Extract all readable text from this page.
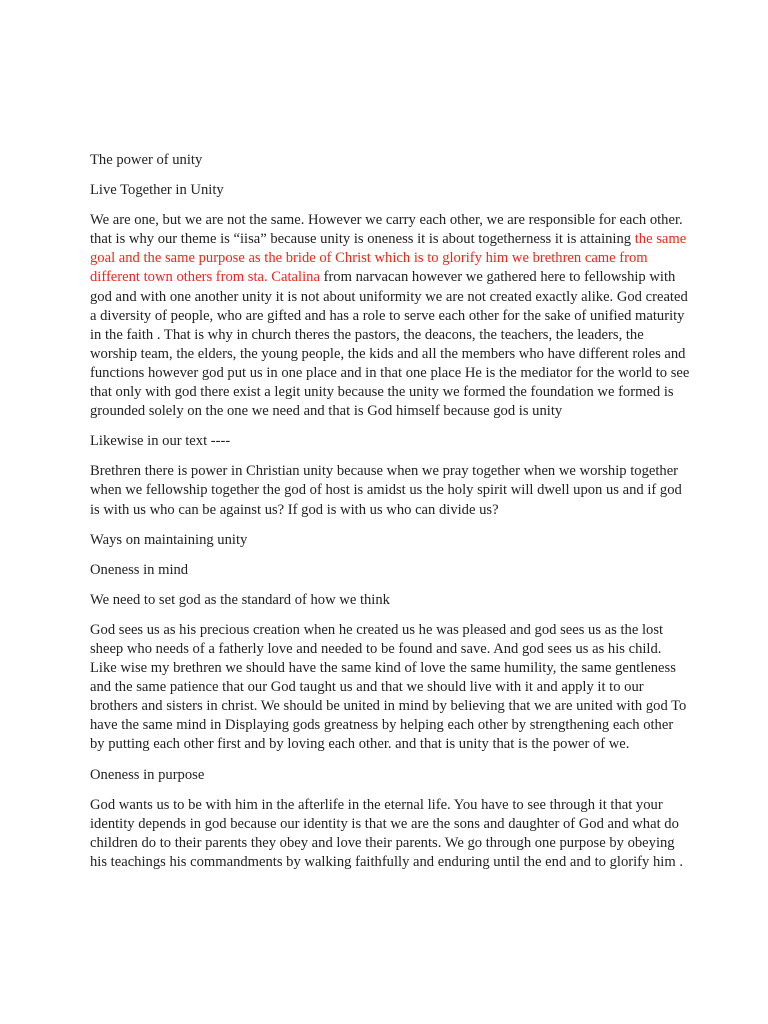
The power of unity

Live Together in Unity

We are one, but we are not the same. However we carry each other, we are responsible for each other. that is why our theme is “iisa” because unity is oneness it is about togetherness it is attaining the same goal and the same purpose as the bride of Christ which is to glorify him we brethren came from different town others from sta. Catalina from narvacan however we gathered here to fellowship with god and with one another unity it is not about uniformity we are not created exactly alike. God created a diversity of people, who are gifted and has a role to serve each other for the sake of unified maturity in the faith . That is why in church theres the pastors, the deacons, the teachers, the leaders, the worship team, the elders, the young people, the kids and all the members who have different roles and functions however god put us in one place and in that one place He is the mediator for the world to see that only with god there exist a legit unity because the unity we formed the foundation we formed is grounded solely on the one we need and that is God himself because god is unity

Likewise in our text ----

Brethren there is power in Christian unity because when we pray together when we worship together when we fellowship together the god of host is amidst us the holy spirit will dwell upon us and if god is with us who can be against us? If god is with us who can divide us?

Ways on maintaining unity

Oneness in mind

We need to set god as the standard of how we think

God sees us as his precious creation when he created us he was pleased and god sees us as the lost sheep who needs of a fatherly love and needed to be found and save. And god sees us as his child. Like wise my brethren we should have the same kind of love the same humility, the same gentleness and the same patience that our God taught us and that we should live with it and apply it to our brothers and sisters in christ. We should be united in mind by believing that we are united with god To have the same mind in Displaying gods greatness by helping each other by strengthening each other by putting each other first and by loving each other. and that is unity that is the power of we.

Oneness in purpose

God wants us to be with him in the afterlife in the eternal life. You have to see through it that your identity depends in god because our identity is that we are the sons and daughter of God and what do children do to their parents they obey and love their parents. We go through one purpose by obeying his teachings his commandments by walking faithfully and enduring until the end and to glorify him .
